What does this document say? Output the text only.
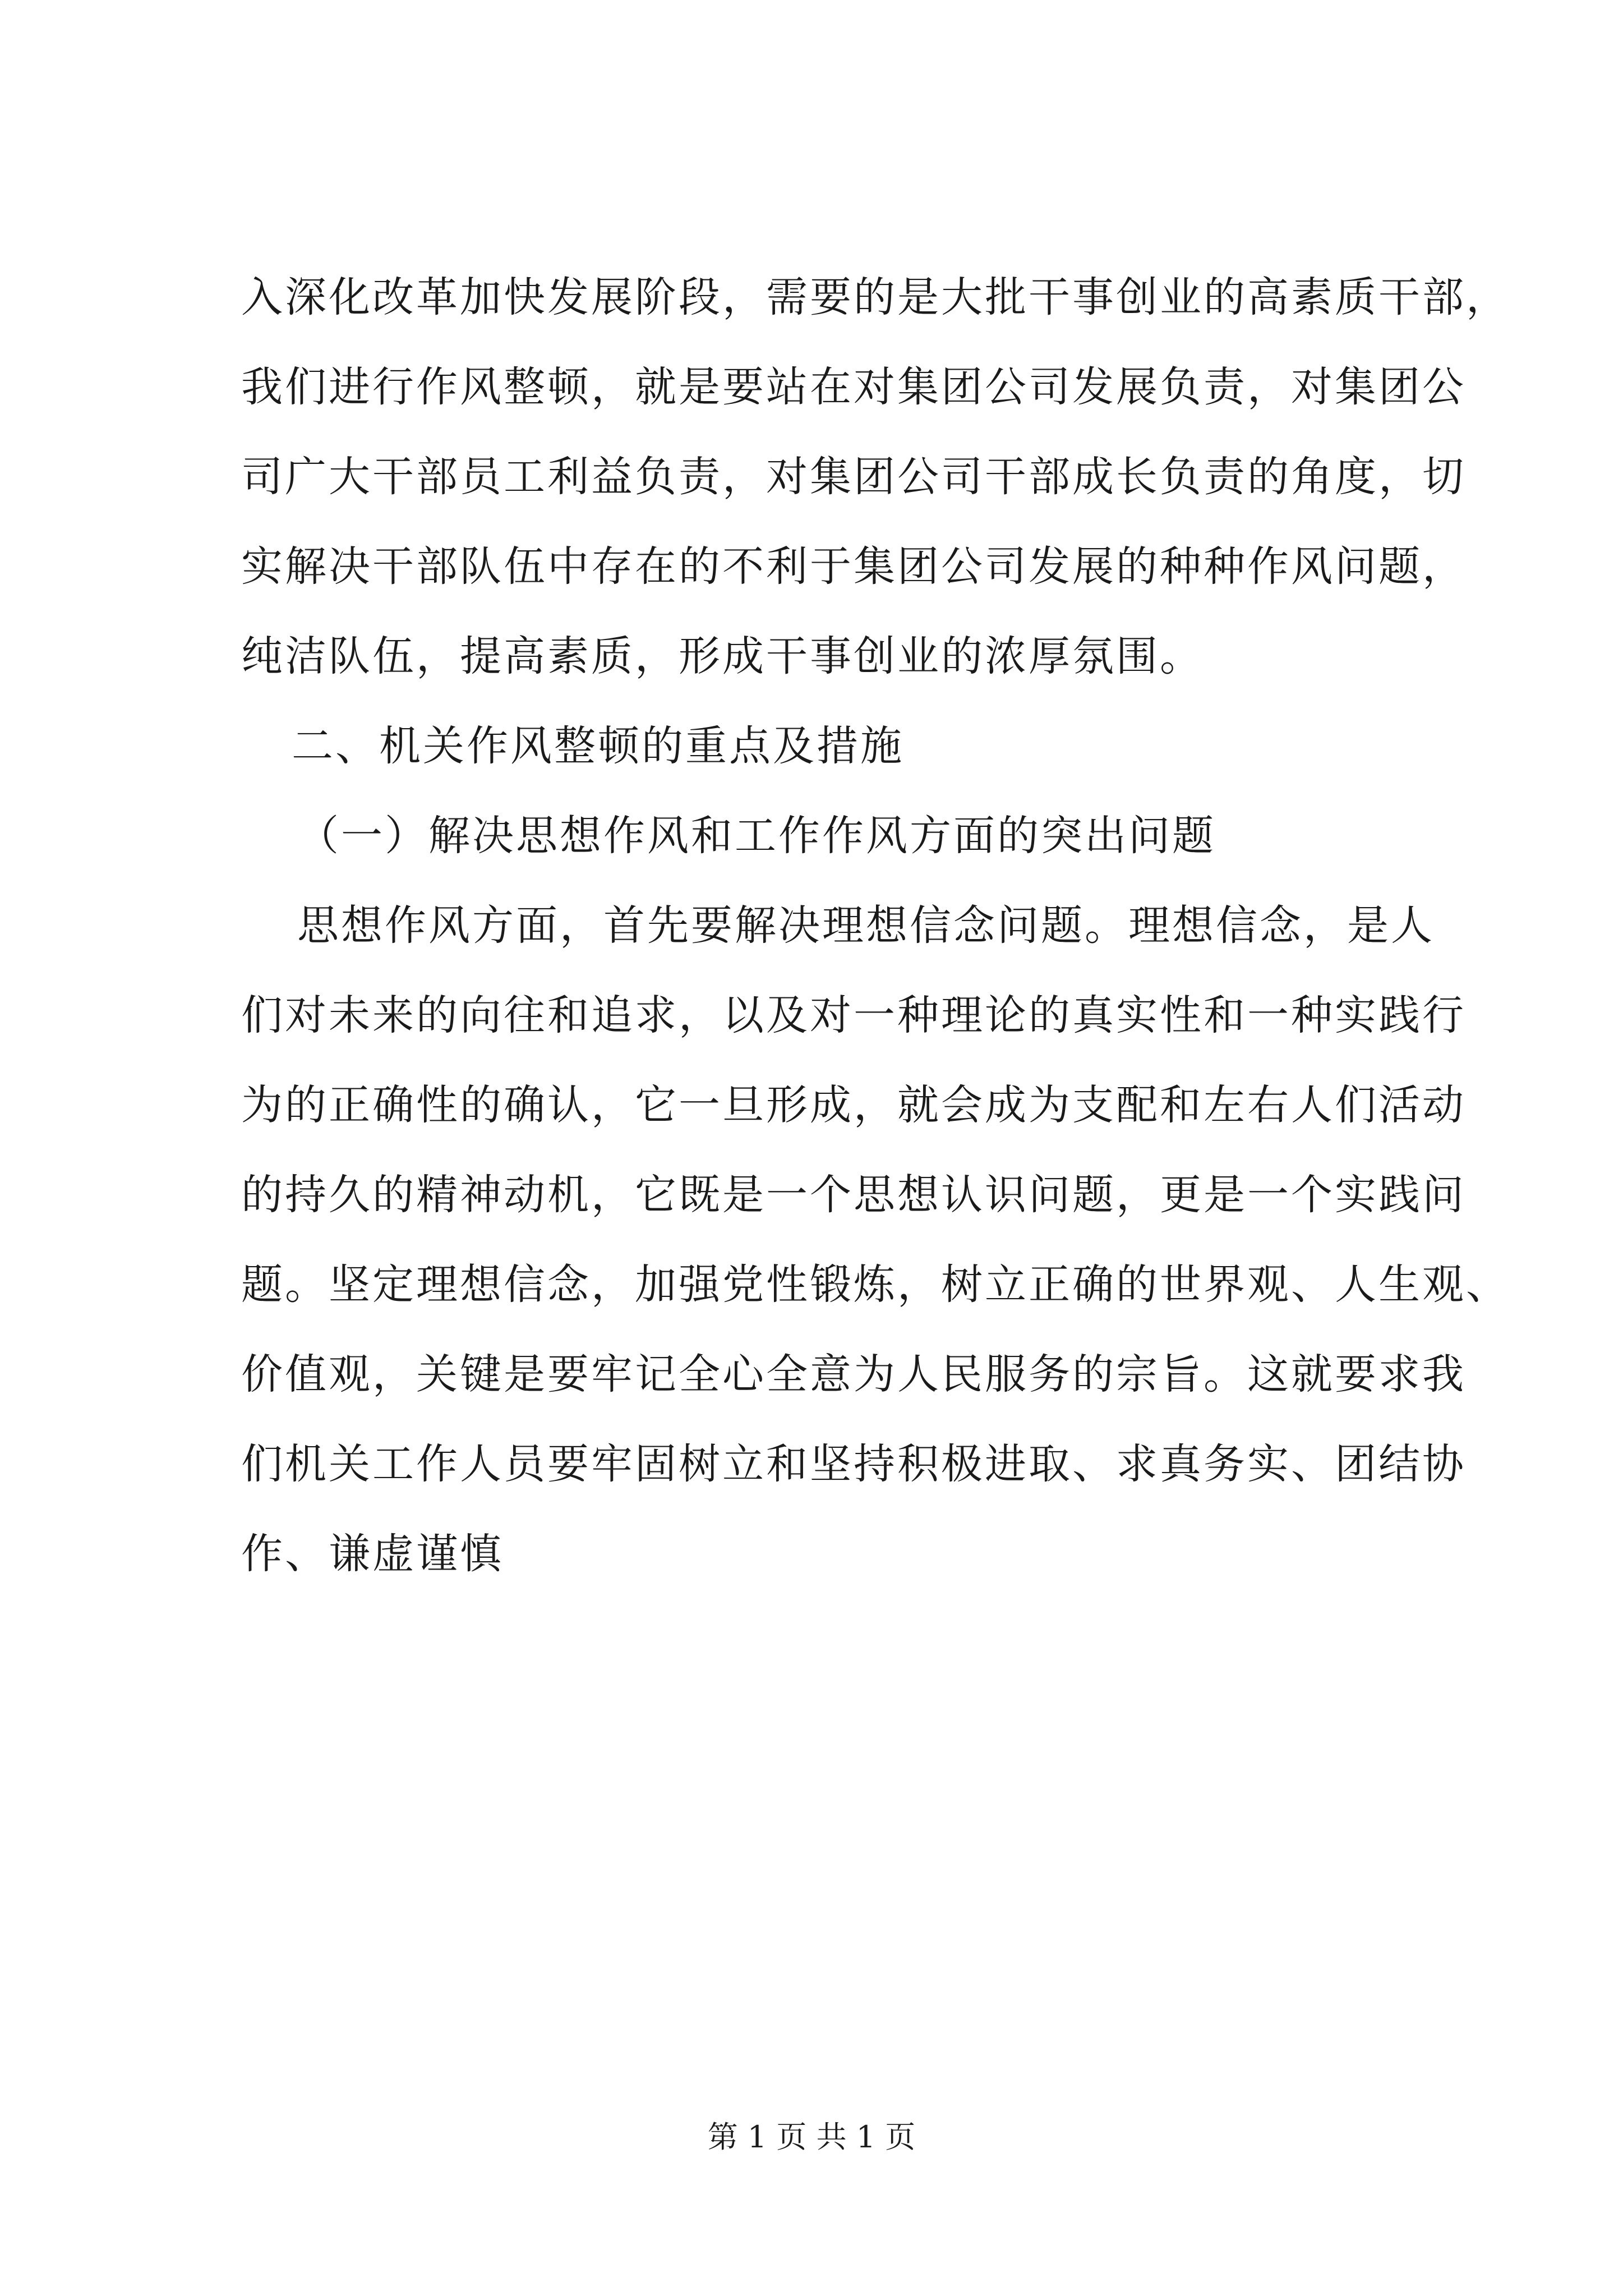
入深化改革加快发展阶段，需要的是大批干事创业的高素质干部，
我们进行作风整顿，就是要站在对集团公司发展负责，对集团公
司广大干部员工利益负责，对集团公司干部成长负责的角度，切
实解决干部队伍中存在的不利于集团公司发展的种种作风问题，
纯洁队伍，提高素质，形成干事创业的浓厚氛围。
二、机关作风整顿的重点及措施
（一）解决思想作风和工作作风方面的突出问题
思想作风方面，首先要解决理想信念问题。理想信念，是人
们对未来的向往和追求，以及对一种理论的真实性和一种实践行
为的正确性的确认，它一旦形成，就会成为支配和左右人们活动
的持久的精神动机，它既是一个思想认识问题，更是一个实践问
题。坚定理想信念，加强党性锻炼，树立正确的世界观、人生观、
价值观，关键是要牢记全心全意为人民服务的宗旨。这就要求我
们机关工作人员要牢固树立和坚持积极进取、求真务实、团结协
作、谦虚谨慎
第 1 页 共 1 页
